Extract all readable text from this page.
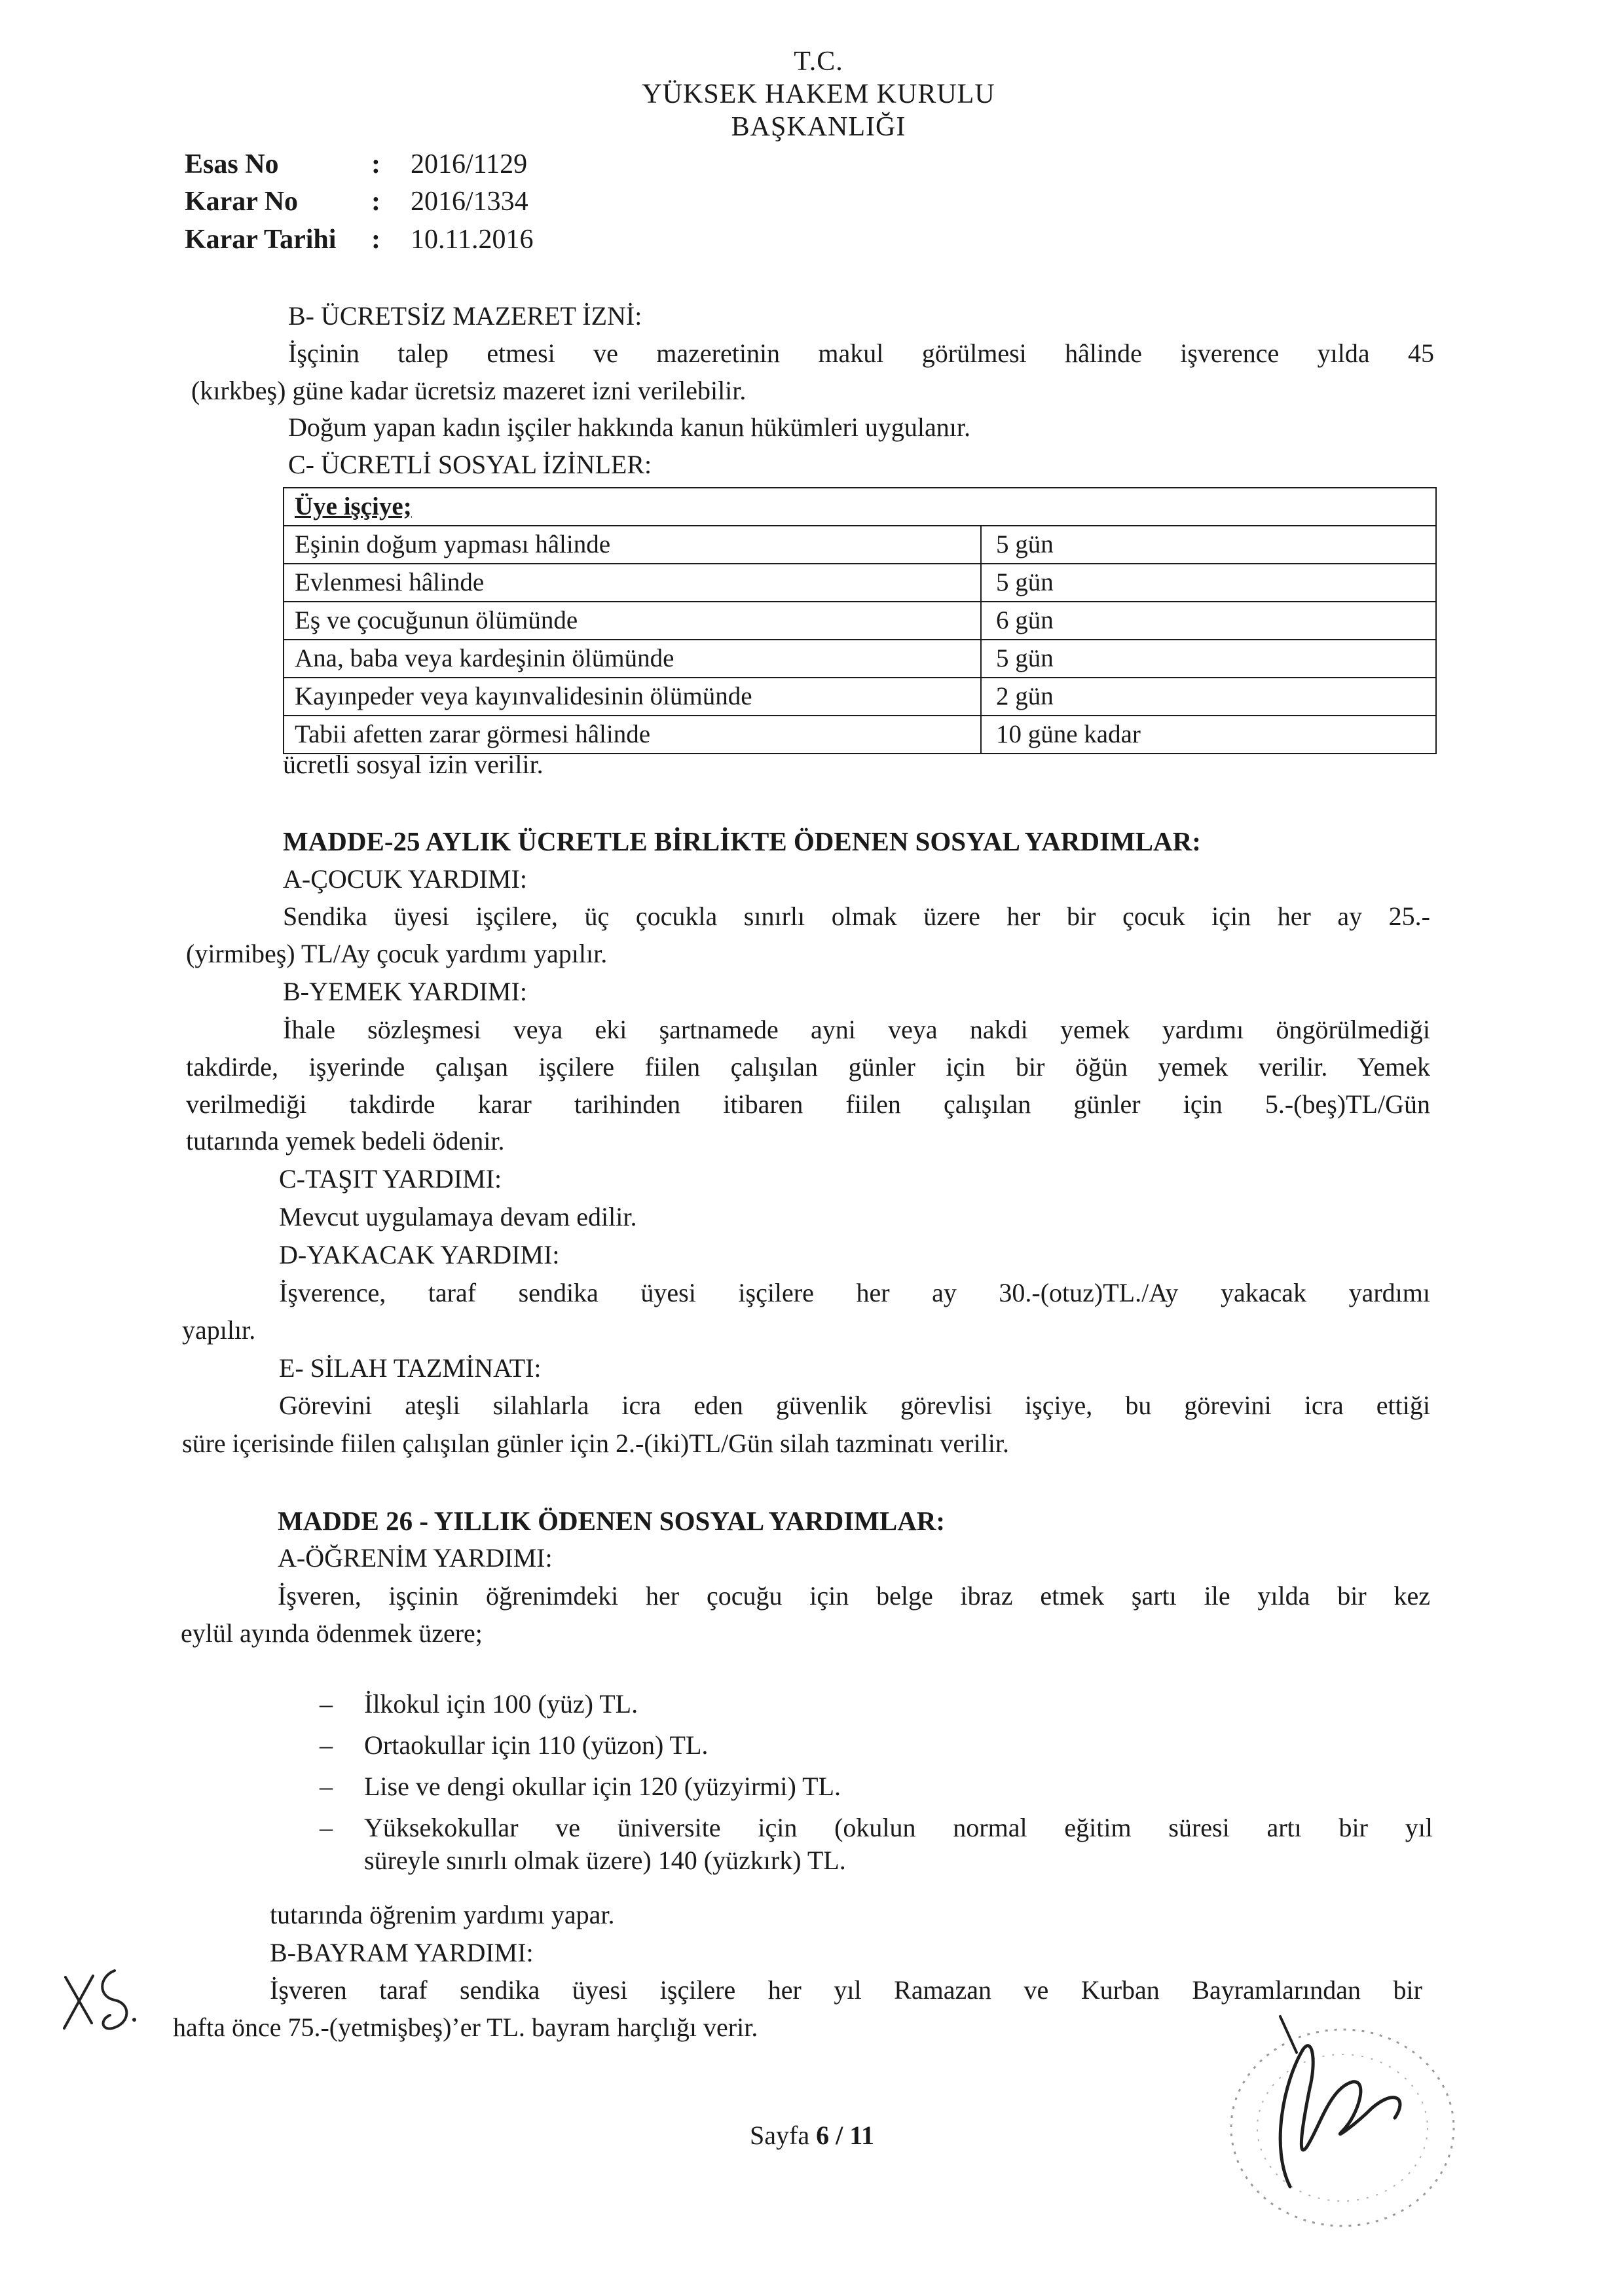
T.C.
YÜKSEK HAKEM KURULU
BAŞKANLIĞI
Esas No	: 2016/1129
Karar No	: 2016/1334
Karar Tarihi : 10.11.2016
B- ÜCRETSİZ MAZERET İZNİ:
İşçinin talep etmesi ve mazeretinin makul görülmesi hâlinde işverence yılda 45
(kırkbeş) güne kadar ücretsiz mazeret izni verilebilir.
Doğum yapan kadın işçiler hakkında kanun hükümleri uygulanır.
C- ÜCRETLİ SOSYAL İZİNLER:
Üye işçiye;	
Eşinin doğum yapması hâlinde	5 gün
Evlenmesi hâlinde	5 gün
Eş ve çocuğunun ölümünde	6 gün
Ana, baba veya kardeşinin ölümünde	5 gün
Kayınpeder veya kayınvalidesinin ölümünde	2 gün
Tabii afetten zarar görmesi hâlinde	10 güne kadar
ücretli sosyal izin verilir.
MADDE-25 AYLIK ÜCRETLE BİRLİKTE ÖDENEN SOSYAL YARDIMLAR:
A-ÇOCUK YARDIMI:
Sendika üyesi işçilere, üç çocukla sınırlı olmak üzere her bir çocuk için her ay 25.-
(yirmibeş) TL/Ay çocuk yardımı yapılır.
B-YEMEK YARDIMI:
İhale sözleşmesi veya eki şartnamede ayni veya nakdi yemek yardımı öngörülmediği
takdirde, işyerinde çalışan işçilere fiilen çalışılan günler için bir öğün yemek verilir. Yemek
verilmediği takdirde karar tarihinden itibaren fiilen çalışılan günler için 5.-(beş)TL/Gün
tutarında yemek bedeli ödenir.
C-TAŞIT YARDIMI:
Mevcut uygulamaya devam edilir.
D-YAKACAK YARDIMI:
İşverence, taraf sendika üyesi işçilere her ay 30.-(otuz)TL./Ay yakacak yardımı
yapılır.
E- SİLAH TAZMİNATI:
Görevini ateşli silahlarla icra eden güvenlik görevlisi işçiye, bu görevini icra ettiği
süre içerisinde fiilen çalışılan günler için 2.-(iki)TL/Gün silah tazminatı verilir.
MADDE 26 - YILLIK ÖDENEN SOSYAL YARDIMLAR:
A-ÖĞRENİM YARDIMI:
İşveren, işçinin öğrenimdeki her çocuğu için belge ibraz etmek şartı ile yılda bir kez
eylül ayında ödenmek üzere;
– İlkokul için 100 (yüz) TL.
– Ortaokullar için 110 (yüzon) TL.
– Lise ve dengi okullar için 120 (yüzyirmi) TL.
– Yüksekokullar ve üniversite için (okulun normal eğitim süresi artı bir yıl
süreyle sınırlı olmak üzere) 140 (yüzkırk) TL.
tutarında öğrenim yardımı yapar.
B-BAYRAM YARDIMI:
İşveren taraf sendika üyesi işçilere her yıl Ramazan ve Kurban Bayramlarından bir
hafta önce 75.-(yetmişbeş)’er TL. bayram harçlığı verir.
Sayfa 6 / 11
